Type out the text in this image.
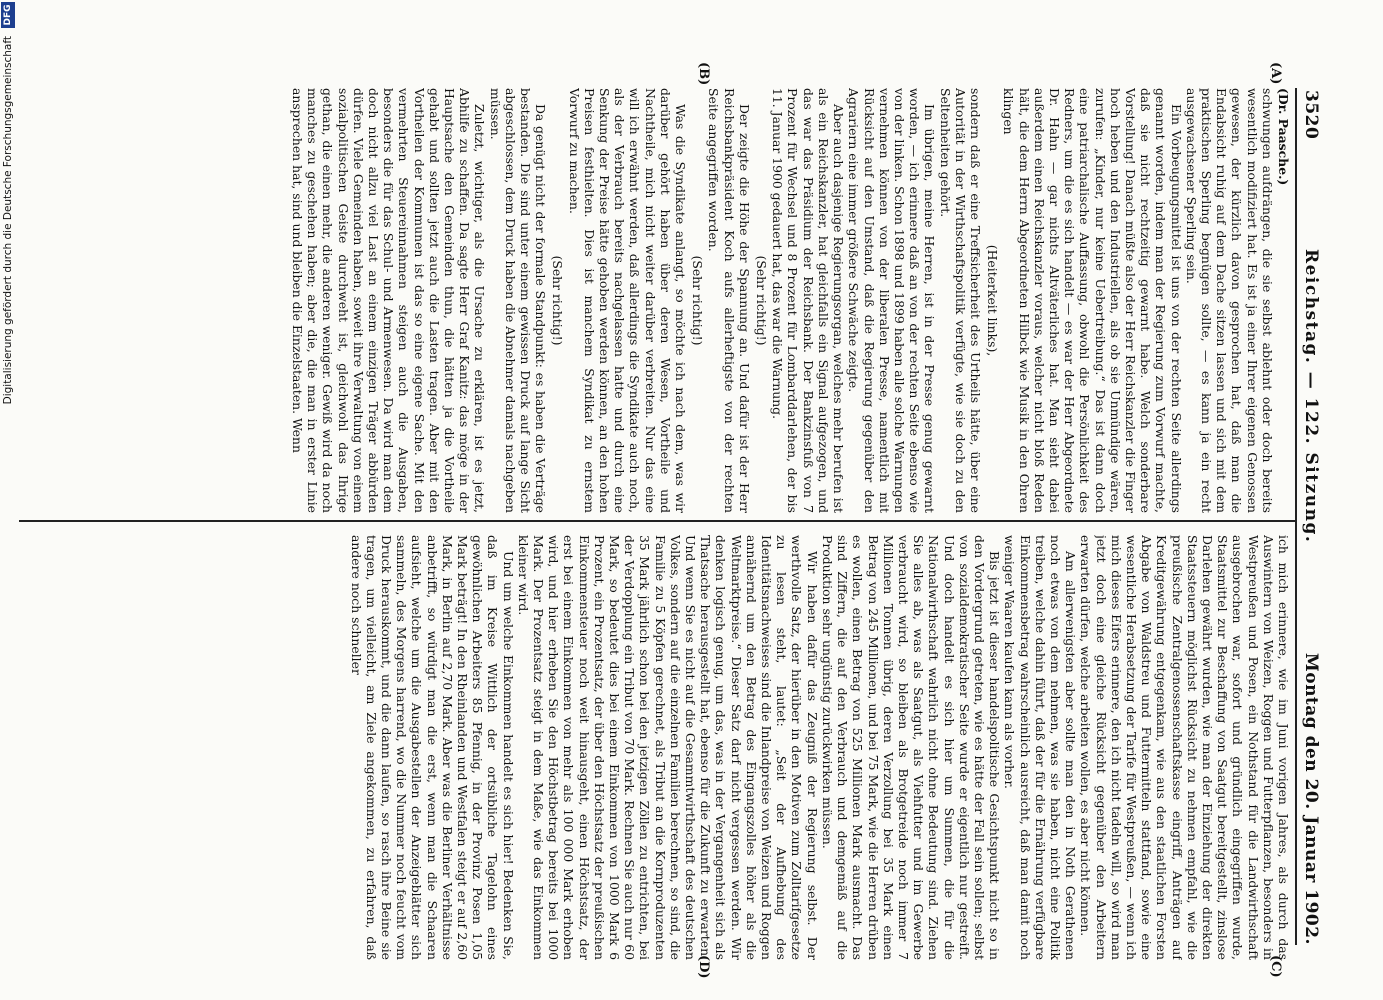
3520
Reichstag. — 122. Sitzung.
Montag den 20. Januar 1902.
(A)
(B)
(C)
(D)

(Dr. Paasche.)

schwungen aufdrängen, die sie selbst ablehnt oder doch bereits wesentlich modifiziert hat. Es ist ja einer Ihrer eigenen Genossen gewesen, der kürzlich davon gesprochen hat, daß man die Endabsicht ruhig auf dem Dache sitzen lassen und sich mit dem praktischen Sperling begnügen sollte, — es kann ja ein recht ausgewachsener Sperling sein.

Ein Vorbeugungsmittel ist uns von der rechten Seite allerdings genannt worden, indem man der Regierung zum Vorwurf machte, daß sie nicht rechtzeitig gewarnt habe. Welch sonderbare Vorstellung! Danach müßte also der Herr Reichskanzler die Finger hoch heben und den Industriellen, als ob sie Unmündige wären, zurufen: „Kinder, nur keine Uebertreibung.“ Das ist dann doch eine patriarchalische Auffassung, obwohl die Persönlichkeit des Redners, um die es sich handelt — es war der Herr Abgeordnete Dr. Hahn — gar nichts Altväterliches hat. Man sieht dabei außerdem einen Reichskanzler voraus, welcher nicht bloß Reden hält, die dem Herrn Abgeordneten Hilbck wie Musik in den Ohren klingen

(Heiterkeit links),

sondern daß er eine Treffsicherheit des Urtheils hätte, über eine Autorität in der Wirthschaftspolitik verfügte, wie sie doch zu den Seltenheiten gehört.

Im übrigen, meine Herren, ist in der Presse genug gewarnt worden, — ich erinnere daß an von der rechten Seite ebenso wie von der linken. Schon 1898 und 1899 haben alle solche Warnungen vernehmen können von der liberalen Presse, namentlich mit Rücksicht auf den Umstand, daß die Regierung gegenüber den Agrariern eine immer größere Schwäche zeigte.

Aber auch dasjenige Regierungsorgan, welches mehr berufen ist als ein Reichskanzler, hat gleichfalls ein Signal aufgezogen, und das war das Präsidium der Reichsbank. Der Bankzinsfuß von 7 Prozent für Wechsel und 8 Prozent für Lombarddarlehen, der bis 11. Januar 1900 gedauert hat, das war die Warnung.

(Sehr richtig!)

Der zeigte die Höhe der Spannung an. Und dafür ist der Herr Reichsbankpräsident Koch aufs allerheftigste von der rechten Seite angegriffen worden.

(Sehr richtig!)

Was die Syndikate anlangt, so möchte ich nach dem, was wir darüber gehört haben über deren Wesen, Vortheile und Nachtheile, mich nicht weiter darüber verbreiten. Nur das eine will ich erwähnt werden, daß allerdings die Syndikate auch noch, als der Verbrauch bereits nachgelassen hatte und durch eine Senkung der Preise hätte gehoben werden können, an den hohen Preisen festhielten. Dies ist manchem Syndikat zu ernstem Vorwurf zu machen.

(Sehr richtig!)

Da genügt nicht der formale Standpunkt: es haben die Verträge bestanden. Die sind unter einem gewissen Druck auf lange Sicht abgeschlossen, dem Druck haben die Abnehmer damals nachgeben müssen.

Zuletzt, wichtiger, als die Ursache zu erklären, ist es jetzt, Abhilfe zu schaffen. Da sagte Herr Graf Kanitz: das möge in der Hauptsache den Gemeinden thun, die hätten ja die Vortheile gehabt und sollten jetzt auch die Lasten tragen. Aber mit den Vortheilen der Kommunen ist das so eine eigene Sache. Mit den vermehrten Steuereinnahmen steigen auch die Ausgaben, besonders die für das Schul- und Armenwesen. Da wird man dem doch nicht allzu viel Last an einem einzigen Träger abbürden dürfen. Viele Gemeinden haben, soweit ihre Verwaltung von einem sozialpolitischen Geiste durchweht ist, gleichwohl das Ihrige gethan, die einen mehr, die anderen weniger. Gewiß wird da noch manches zu geschehen haben; aber die, die man in erster Linie ansprechen hat, sind und bleiben die Einzelstaaten. Wenn

ich mich erinnere, wie im Juni vorigen Jahres, als durch das Auswintern von Weizen, Roggen und Futterpflanzen, besonders in Westpreußen und Posen, ein Nothstand für die Landwirthschaft ausgebrochen war, sofort und gründlich eingegriffen wurde, Staatsmittel zur Beschaffung von Saatgut bereitgestellt, zinslose Darlehen gewährt wurden, wie man der Einziehung der direkten Staatssteuern möglichst Rücksicht zu nehmen empfahl, wie die preußische Zentralgenossenschaftskasse eingriff, Anträgen auf Kreditgewährung entgegenkam, wie aus den staatlichen Forsten Abgabe von Waldstreu und Futtermitteln stattfand, sowie eine wesentliche Herabsetzung der Tarife für Westpreußen, — wenn ich mich dieses Eifers erinnere, den ich nicht tadeln will, so wird man jetzt doch eine gleiche Rücksicht gegenüber den Arbeitern erwarten dürfen, welche arbeiten wollen, es aber nicht können.

Am allerwenigsten aber sollte man den in Noth Gerathenen noch etwas von dem nehmen, was sie haben, nicht eine Politik treiben, welche dahin führt, daß der für die Ernährung verfügbare Einkommensbetrag wahrscheinlich ausreicht, daß man damit noch weniger Waaren kaufen kann als vorher.

Bis jetzt ist dieser handelspolitische Gesichtspunkt nicht so in den Vordergrund getreten, wie es hätte der Fall sein sollen; selbst von sozialdemokratischer Seite wurde er eigentlich nur gestreift. Und doch handelt es sich hier um Summen, die für die Nationalwirthschaft wahrlich nicht ohne Bedeutung sind. Ziehen Sie alles ab, was als Saatgut, als Viehfutter und im Gewerbe verbraucht wird, so bleiben als Brotgetreide noch immer 7 Millionen Tonnen übrig, deren Verzollung bei 35 Mark einen Betrag von 245 Millionen, und bei 75 Mark, wie die Herren drüben es wollen, einen Betrag von 525 Millionen Mark ausmacht. Das sind Ziffern, die auf den Verbrauch und demgemäß auf die Produktion sehr ungünstig zurückwirken müssen.

Wir haben dafür das Zeugniß der Regierung selbst. Der werthvolle Satz, der hierüber in den Motiven zum Zolltarifgesetze zu lesen steht, lautet: „Seit der Aufhebung des Identitätsnachweises sind die Inlandpreise von Weizen und Roggen annähernd um den Betrag des Eingangszolles höher als die Weltmarktpreise.“ Dieser Satz darf nicht vergessen werden. Wir denken logisch genug, um das, was in der Vergangenheit sich als Thatsache herausgestellt hat, ebenso für die Zukunft zu erwarten. Und wenn Sie es nicht auf die Gesammtwirthschaft des deutschen Volkes, sondern auf die einzelnen Familien berechnen, so sind, die Familie zu 5 Köpfen gerechnet, als Tribut an die Kornproduzenten 35 Mark jährlich schon bei den jetzigen Zöllen zu entrichten, bei der Verdopplung ein Tribut von 70 Mark. Rechnen Sie auch nur 60 Mark, so bedeutet dies bei einem Einkommen von 1000 Mark 6 Prozent, ein Prozentsatz, der über den Höchstsatz der preußischen Einkommensteuer noch weit hinausgeht, einen Höchstsatz, der erst bei einem Einkommen von mehr als 100 000 Mark erhoben wird, und hier erheben Sie den Höchstbetrag bereits bei 1000 Mark. Der Prozentsatz steigt in dem Maße, wie das Einkommen kleiner wird.

Und um welche Einkommen handelt es sich hier! Bedenken Sie, daß im Kreise Wittlich der ortsübliche Tagelohn eines gewöhnlichen Arbeiters 85 Pfennig, in der Provinz Posen 1,05 Mark beträgt! In den Rheinlanden und Westfalen steigt er auf 2,60 Mark, in Berlin auf 2,70 Mark. Aber was die Berliner Verhältnisse anbetrifft, so würdigt man die erst, wenn man die Schaaren aufsieht, welche um die Ausgabestellen der Anzeigeblätter sich sammeln, des Morgens harrend, wo die Nummer noch feucht vom Druck herauskommt, und die dann laufen, so rasch ihre Beine sie tragen, um vielleicht, am Ziele angekommen, zu erfahren, daß andere noch schneller

Digitalisierung gefördert durch die Deutsche Forschungsgemeinschaft
DFG
